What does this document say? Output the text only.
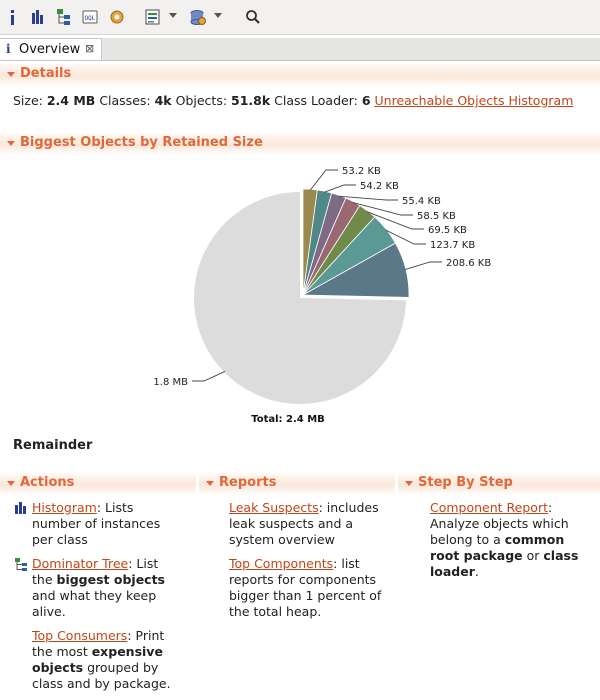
OQL
i Overview ⊠
Details
Size: 2.4 MB Classes: 4k Objects: 51.8k Class Loader: 6 Unreachable Objects Histogram
Biggest Objects by Retained Size
53.2 KB
54.2 KB
55.4 KB
58.5 KB
69.5 KB
123.7 KB
208.6 KB
1.8 MB
Total: 2.4 MB
Remainder
Actions	Reports	Step By Step

Histogram: Lists number of instances per class

Dominator Tree: List the biggest objects and what they keep alive.

Top Consumers: Print the most expensive objects grouped by class and by package.

Leak Suspects: includes leak suspects and a system overview

Top Components: list reports for components bigger than 1 percent of the total heap.

Component Report: Analyze objects which belong to a common root package or class loader.
